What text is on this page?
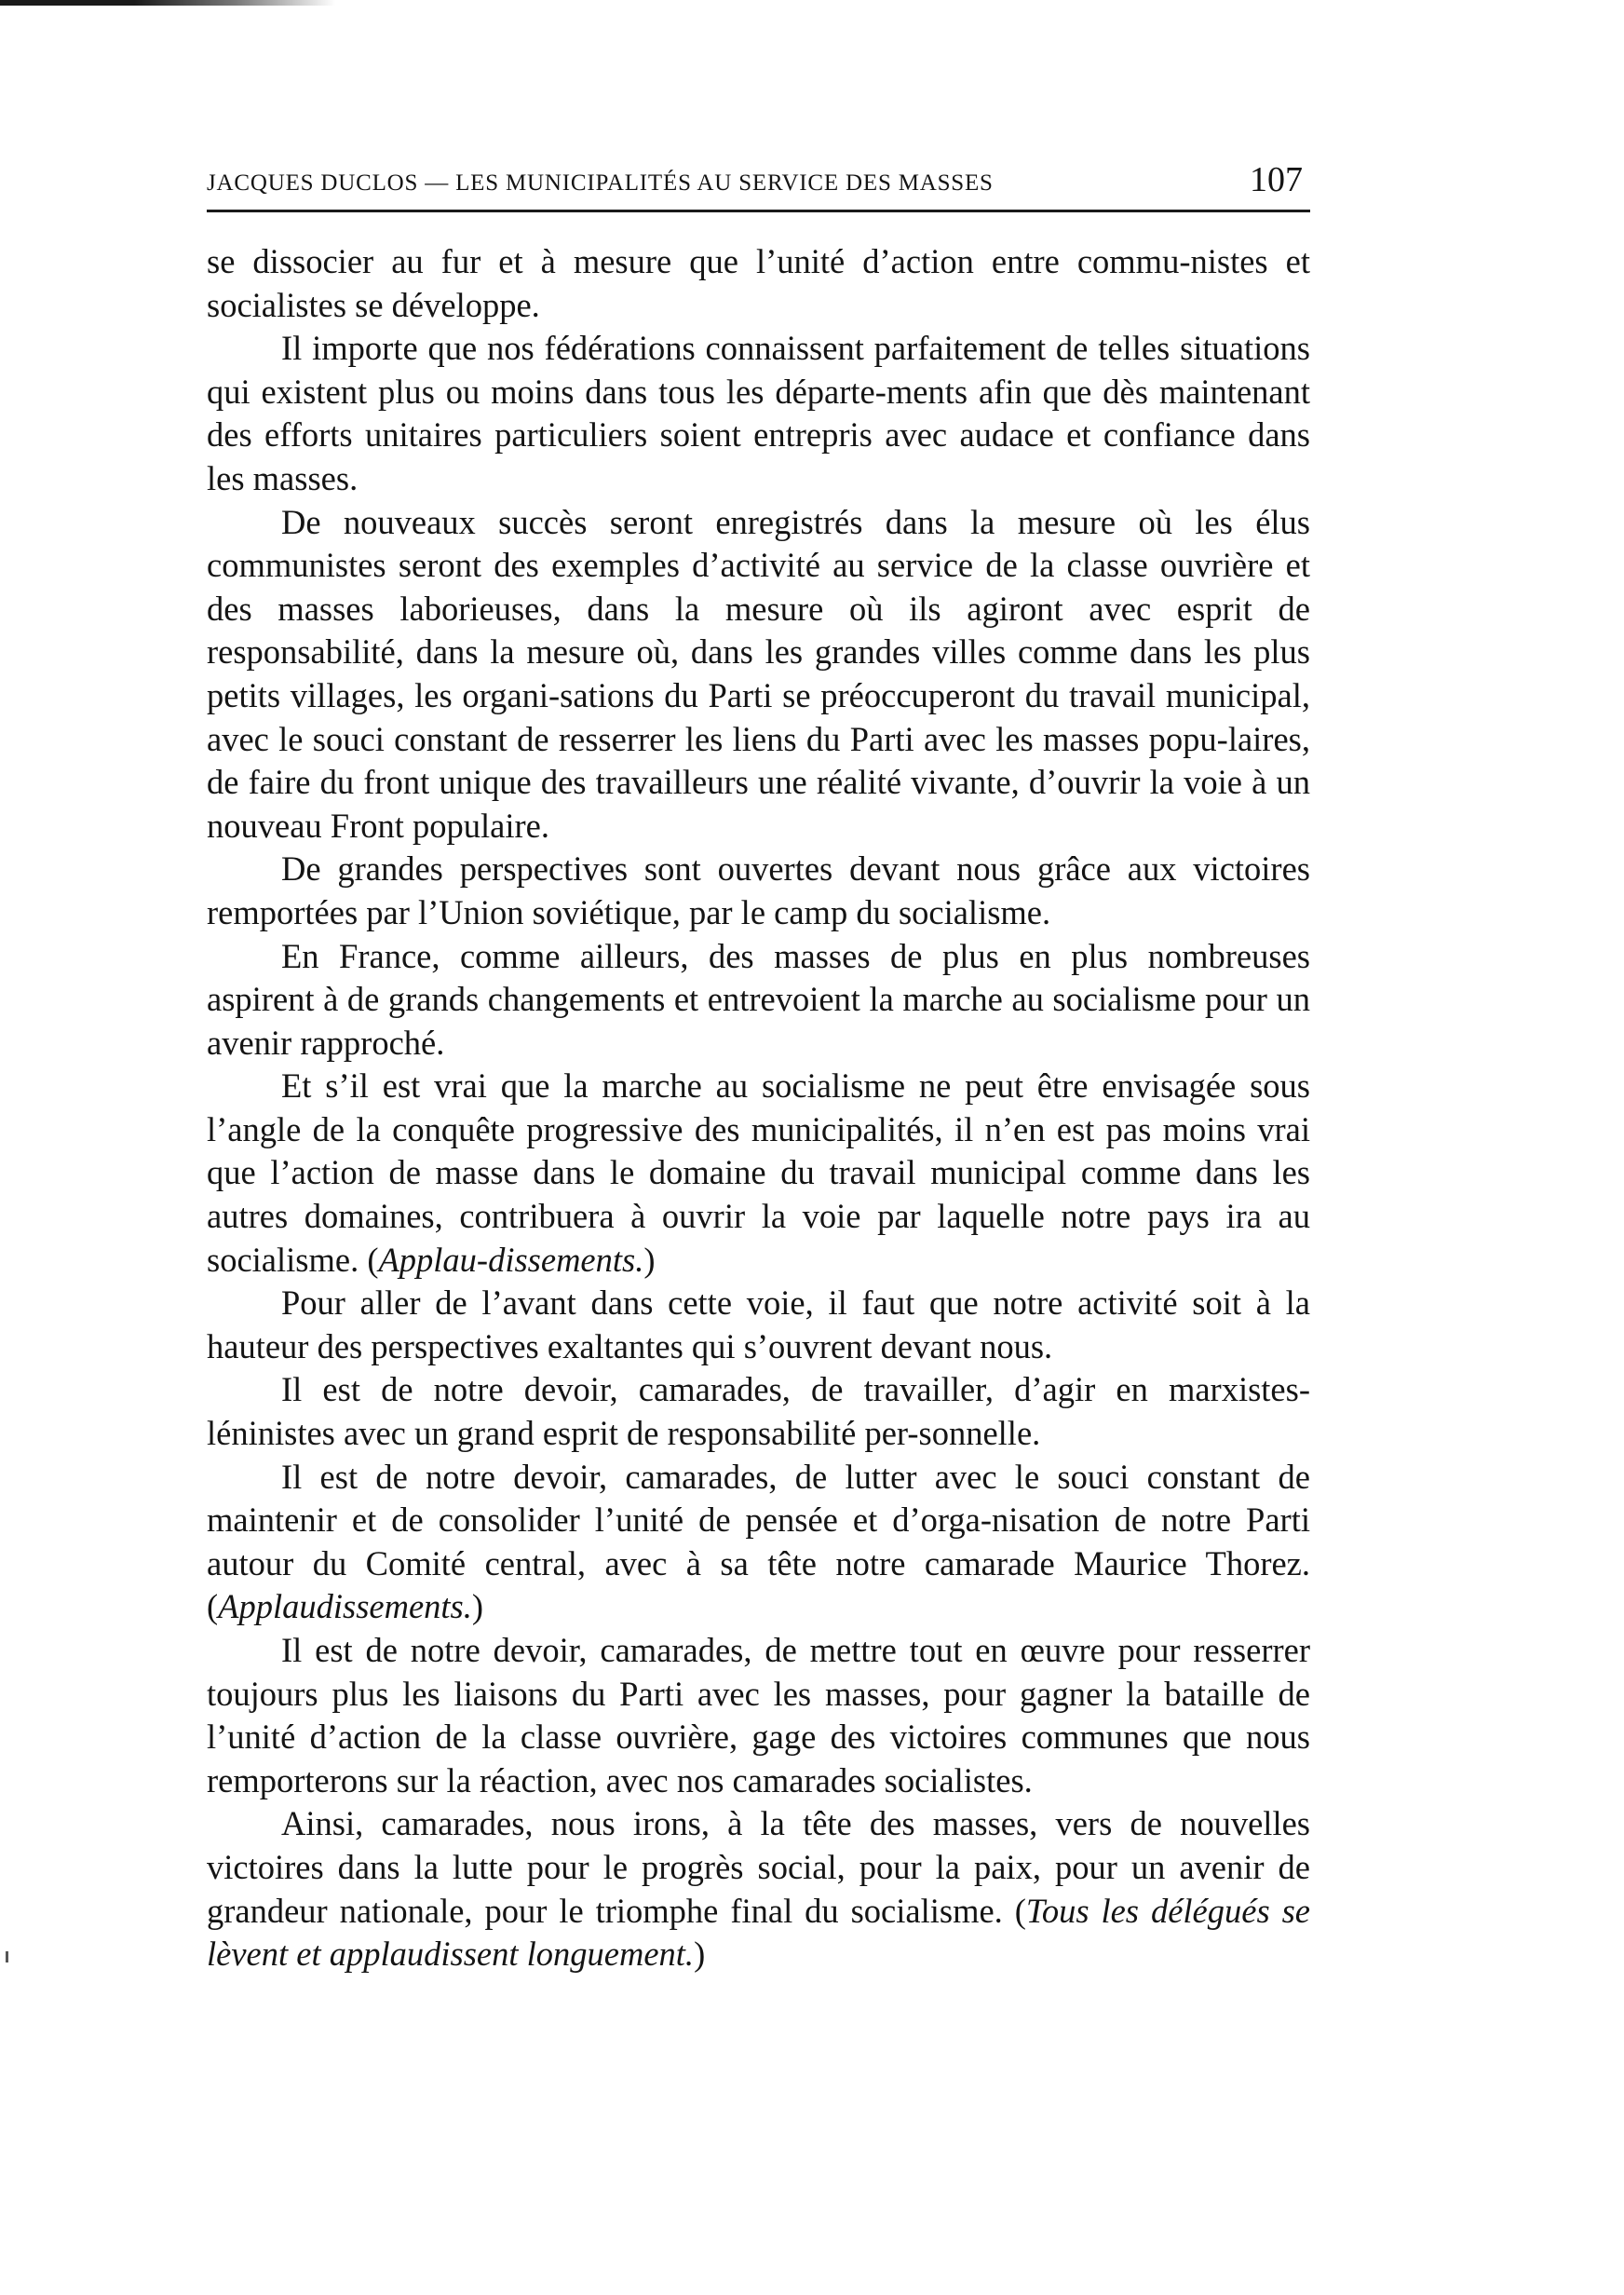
JACQUES DUCLOS — LES MUNICIPALITÉS AU SERVICE DES MASSES	107

se dissocier au fur et à mesure que l’unité d’action entre commu-nistes et socialistes se développe.

Il importe que nos fédérations connaissent parfaitement de telles situations qui existent plus ou moins dans tous les départe-ments afin que dès maintenant des efforts unitaires particuliers soient entrepris avec audace et confiance dans les masses.

De nouveaux succès seront enregistrés dans la mesure où les élus communistes seront des exemples d’activité au service de la classe ouvrière et des masses laborieuses, dans la mesure où ils agiront avec esprit de responsabilité, dans la mesure où, dans les grandes villes comme dans les plus petits villages, les organi-sations du Parti se préoccuperont du travail municipal, avec le souci constant de resserrer les liens du Parti avec les masses popu-laires, de faire du front unique des travailleurs une réalité vivante, d’ouvrir la voie à un nouveau Front populaire.

De grandes perspectives sont ouvertes devant nous grâce aux victoires remportées par l’Union soviétique, par le camp du socialisme.

En France, comme ailleurs, des masses de plus en plus nombreuses aspirent à de grands changements et entrevoient la marche au socialisme pour un avenir rapproché.

Et s’il est vrai que la marche au socialisme ne peut être envisagée sous l’angle de la conquête progressive des municipalités, il n’en est pas moins vrai que l’action de masse dans le domaine du travail municipal comme dans les autres domaines, contribuera à ouvrir la voie par laquelle notre pays ira au socialisme. (Applau-dissements.)

Pour aller de l’avant dans cette voie, il faut que notre activité soit à la hauteur des perspectives exaltantes qui s’ouvrent devant nous.

Il est de notre devoir, camarades, de travailler, d’agir en marxistes-léninistes avec un grand esprit de responsabilité per-sonnelle.

Il est de notre devoir, camarades, de lutter avec le souci constant de maintenir et de consolider l’unité de pensée et d’orga-nisation de notre Parti autour du Comité central, avec à sa tête notre camarade Maurice Thorez. (Applaudissements.)

Il est de notre devoir, camarades, de mettre tout en œuvre pour resserrer toujours plus les liaisons du Parti avec les masses, pour gagner la bataille de l’unité d’action de la classe ouvrière, gage des victoires communes que nous remporterons sur la réaction, avec nos camarades socialistes.

Ainsi, camarades, nous irons, à la tête des masses, vers de nouvelles victoires dans la lutte pour le progrès social, pour la paix, pour un avenir de grandeur nationale, pour le triomphe final du socialisme. (Tous les délégués se lèvent et applaudissent longuement.)
